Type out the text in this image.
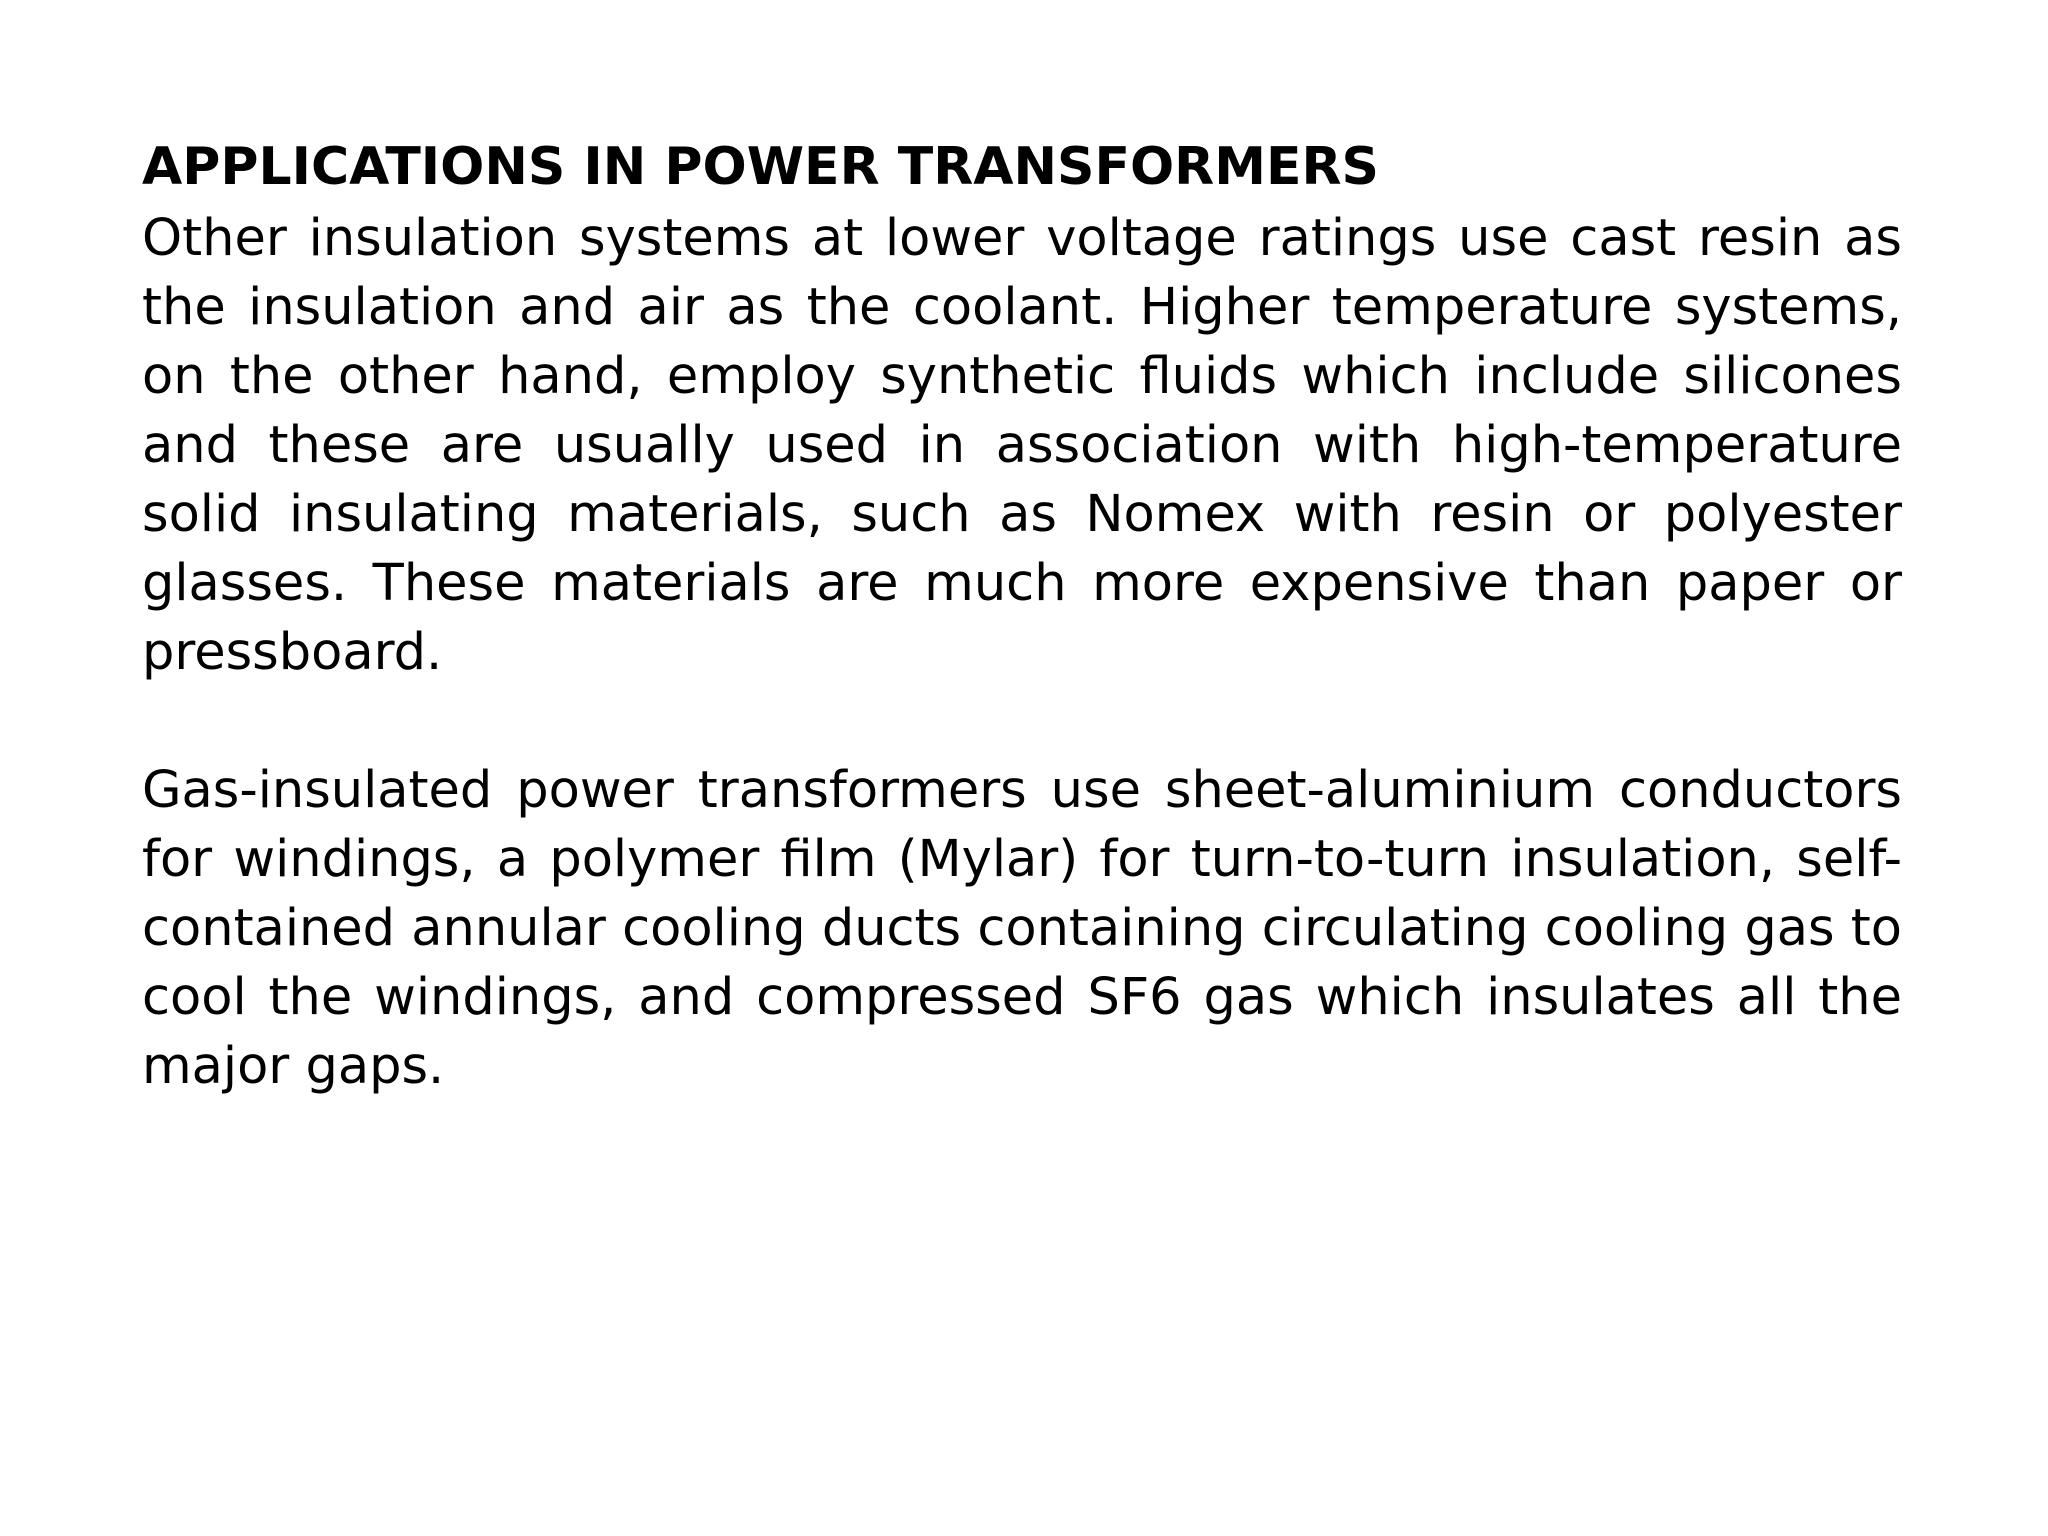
APPLICATIONS IN POWER TRANSFORMERS

Other insulation systems at lower voltage ratings use cast resin as the insulation and air as the coolant. Higher temperature systems, on the other hand, employ synthetic fluids which include silicones and these are usually used in association with high-temperature solid insulating materials, such as Nomex with resin or polyester glasses. These materials are much more expensive than paper or pressboard.

Gas-insulated power transformers use sheet-aluminium conductors for windings, a polymer film (Mylar) for turn-to-turn insulation, self-contained annular cooling ducts containing circulating cooling gas to cool the windings, and compressed SF6 gas which insulates all the major gaps.
